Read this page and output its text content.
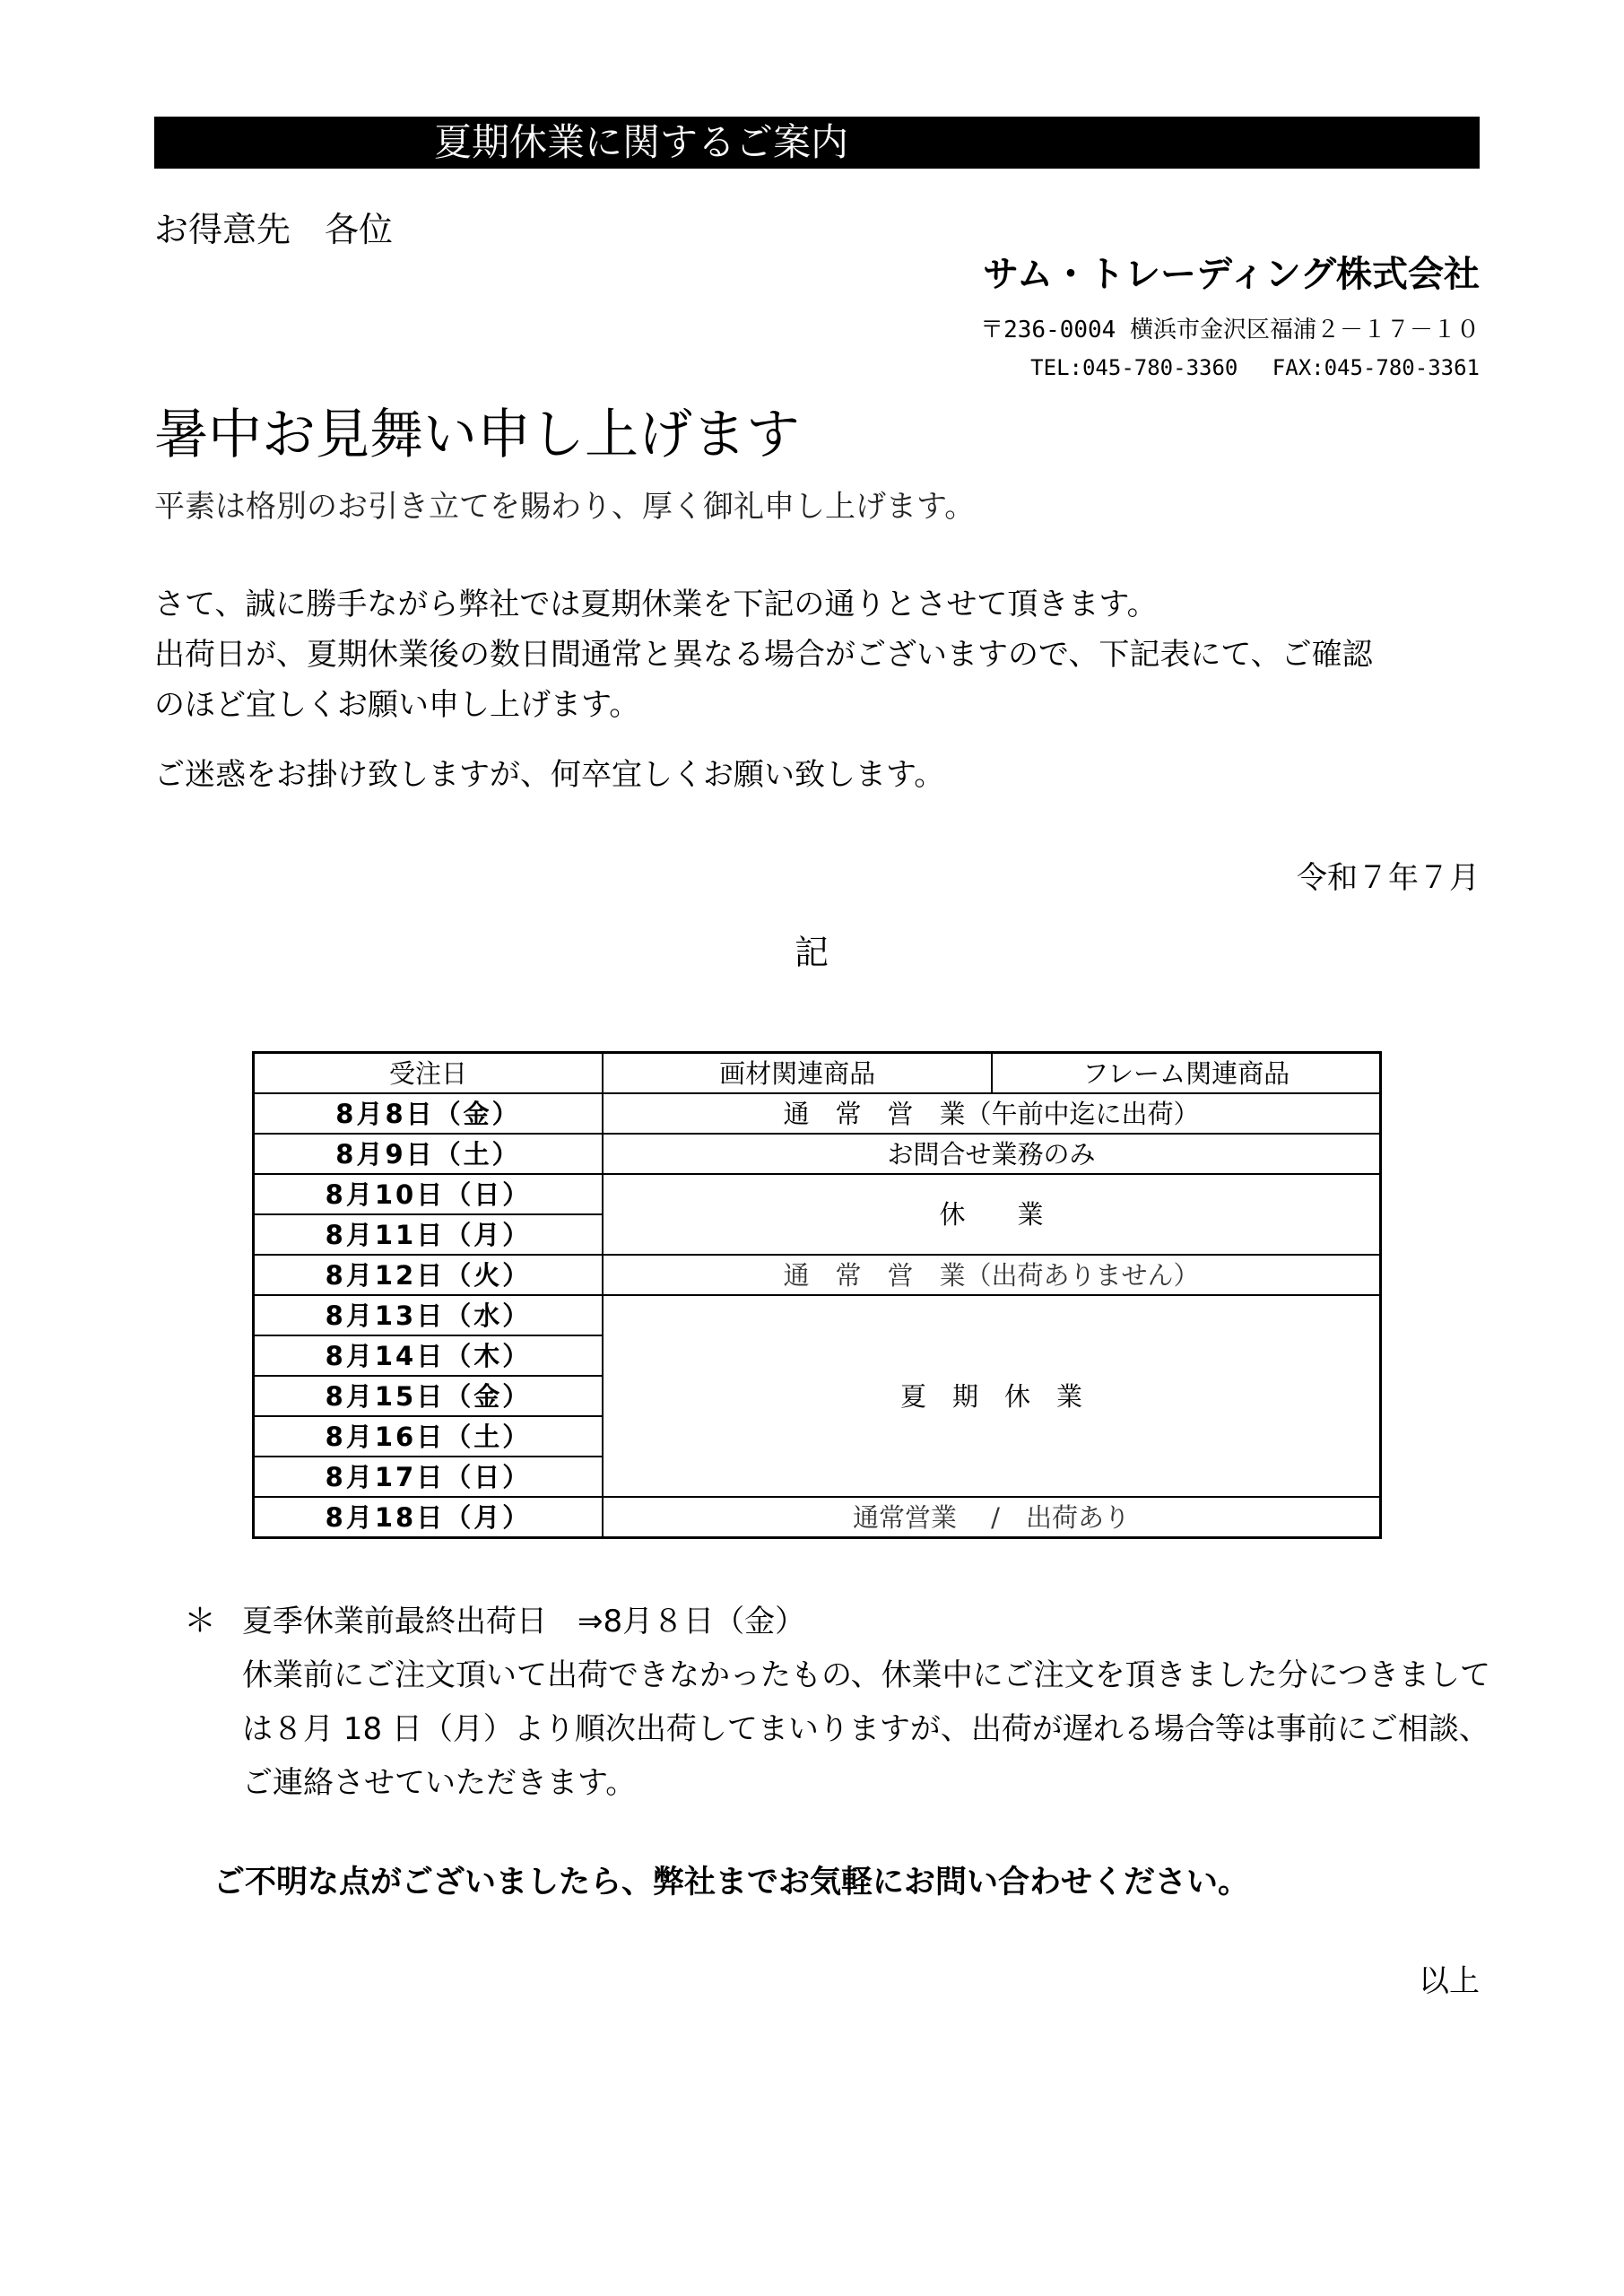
夏期休業に関するご案内
お得意先　各位
サム・トレーディング株式会社
〒236-0004 横浜市金沢区福浦２－１７－１０
TEL:045-780-3360　 FAX:045-780-3361
暑中お見舞い申し上げます
平素は格別のお引き立てを賜わり、厚く御礼申し上げます。
さて、誠に勝手ながら弊社では夏期休業を下記の通りとさせて頂きます。
出荷日が、夏期休業後の数日間通常と異なる場合がございますので、下記表にて、ご確認
のほど宜しくお願い申し上げます。
ご迷惑をお掛け致しますが、何卒宜しくお願い致します。
令和７年７月
記
受注日	画材関連商品	フレーム関連商品
8月8日（金）	通　常　営　業（午前中迄に出荷）	
8月9日（土）	お問合せ業務のみ	
8月10日（日）	休　　業	
8月11日（月）		
8月12日（火）	通　常　営　業（出荷ありません）	
8月13日（水）	夏　期　休　業	
8月14日（木）		
8月15日（金）		
8月16日（土）		
8月17日（日）		
8月18日（月）	通常営業　 /　出荷あり	
＊ 夏季休業前最終出荷日　⇒8月８日（金）
休業前にご注文頂いて出荷できなかったもの、休業中にご注文を頂きました分につきまして
は８月 18 日（月）より順次出荷してまいりますが、出荷が遅れる場合等は事前にご相談、
ご連絡させていただきます。
ご不明な点がございましたら、弊社までお気軽にお問い合わせください。
以上
